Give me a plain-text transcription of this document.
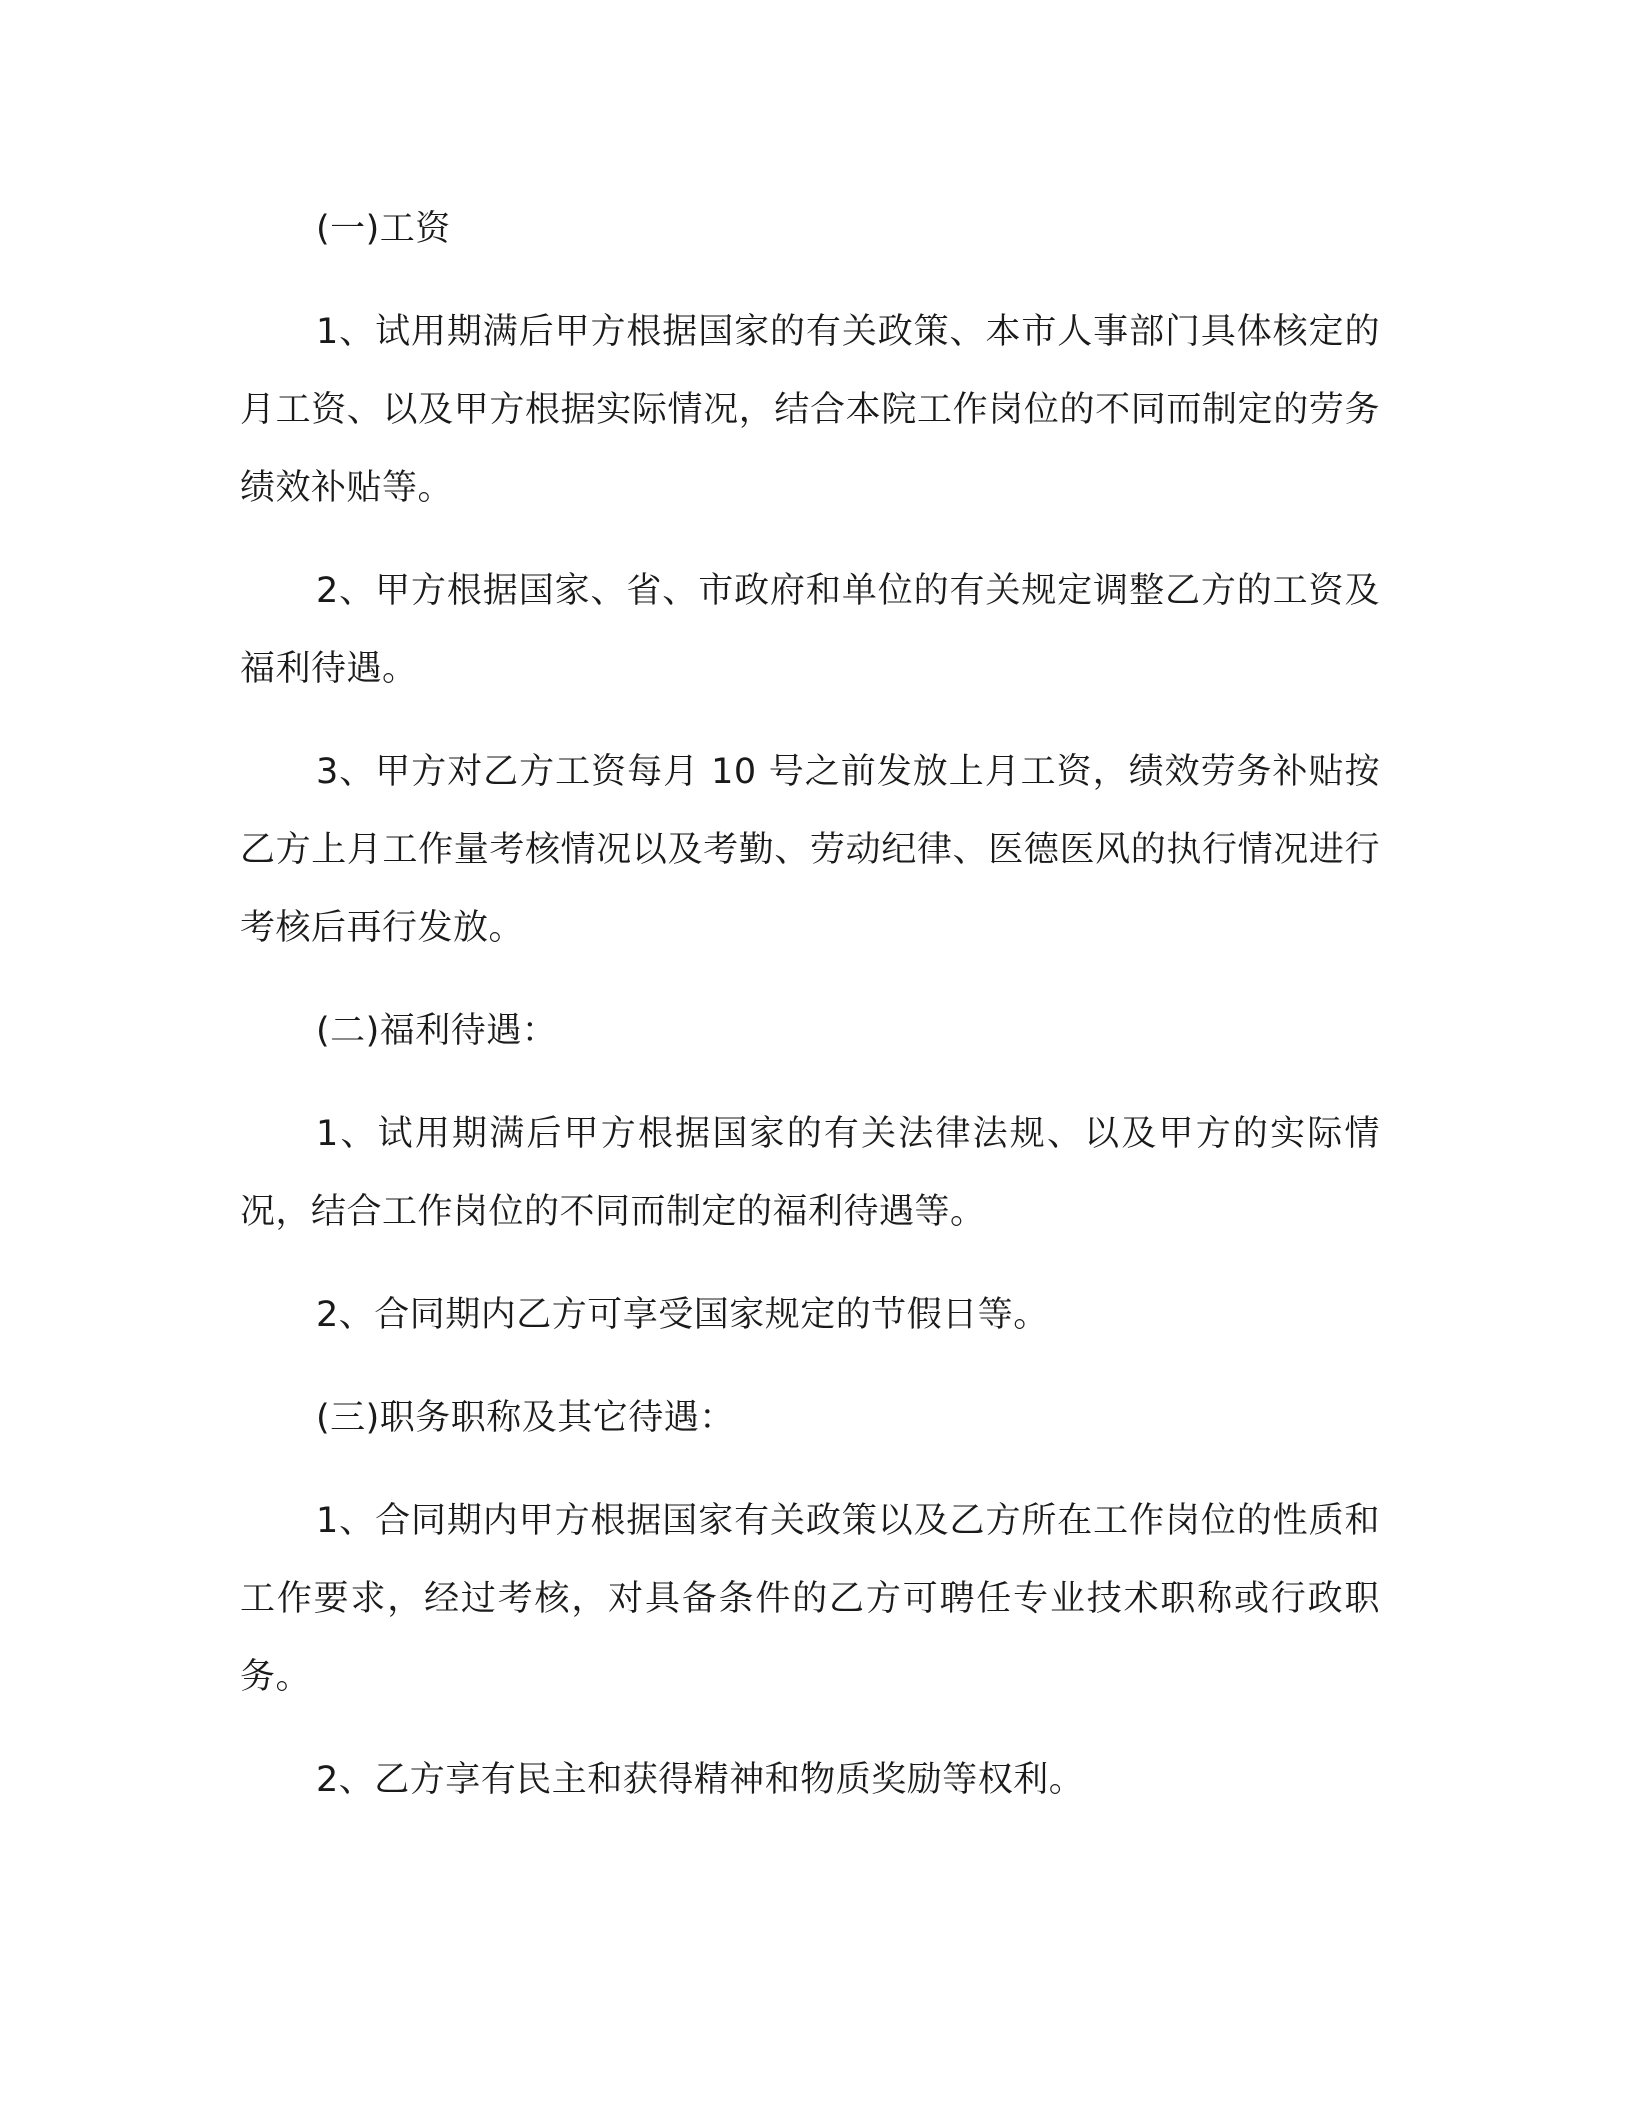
(一)工资

1、试用期满后甲方根据国家的有关政策、本市人事部门具体核定的月工资、以及甲方根据实际情况，结合本院工作岗位的不同而制定的劳务绩效补贴等。

2、甲方根据国家、省、市政府和单位的有关规定调整乙方的工资及福利待遇。

3、甲方对乙方工资每月 10 号之前发放上月工资，绩效劳务补贴按乙方上月工作量考核情况以及考勤、劳动纪律、医德医风的执行情况进行考核后再行发放。

(二)福利待遇：

1、试用期满后甲方根据国家的有关法律法规、以及甲方的实际情况，结合工作岗位的不同而制定的福利待遇等。

2、合同期内乙方可享受国家规定的节假日等。

(三)职务职称及其它待遇：

1、合同期内甲方根据国家有关政策以及乙方所在工作岗位的性质和工作要求，经过考核，对具备条件的乙方可聘任专业技术职称或行政职务。

2、乙方享有民主和获得精神和物质奖励等权利。
